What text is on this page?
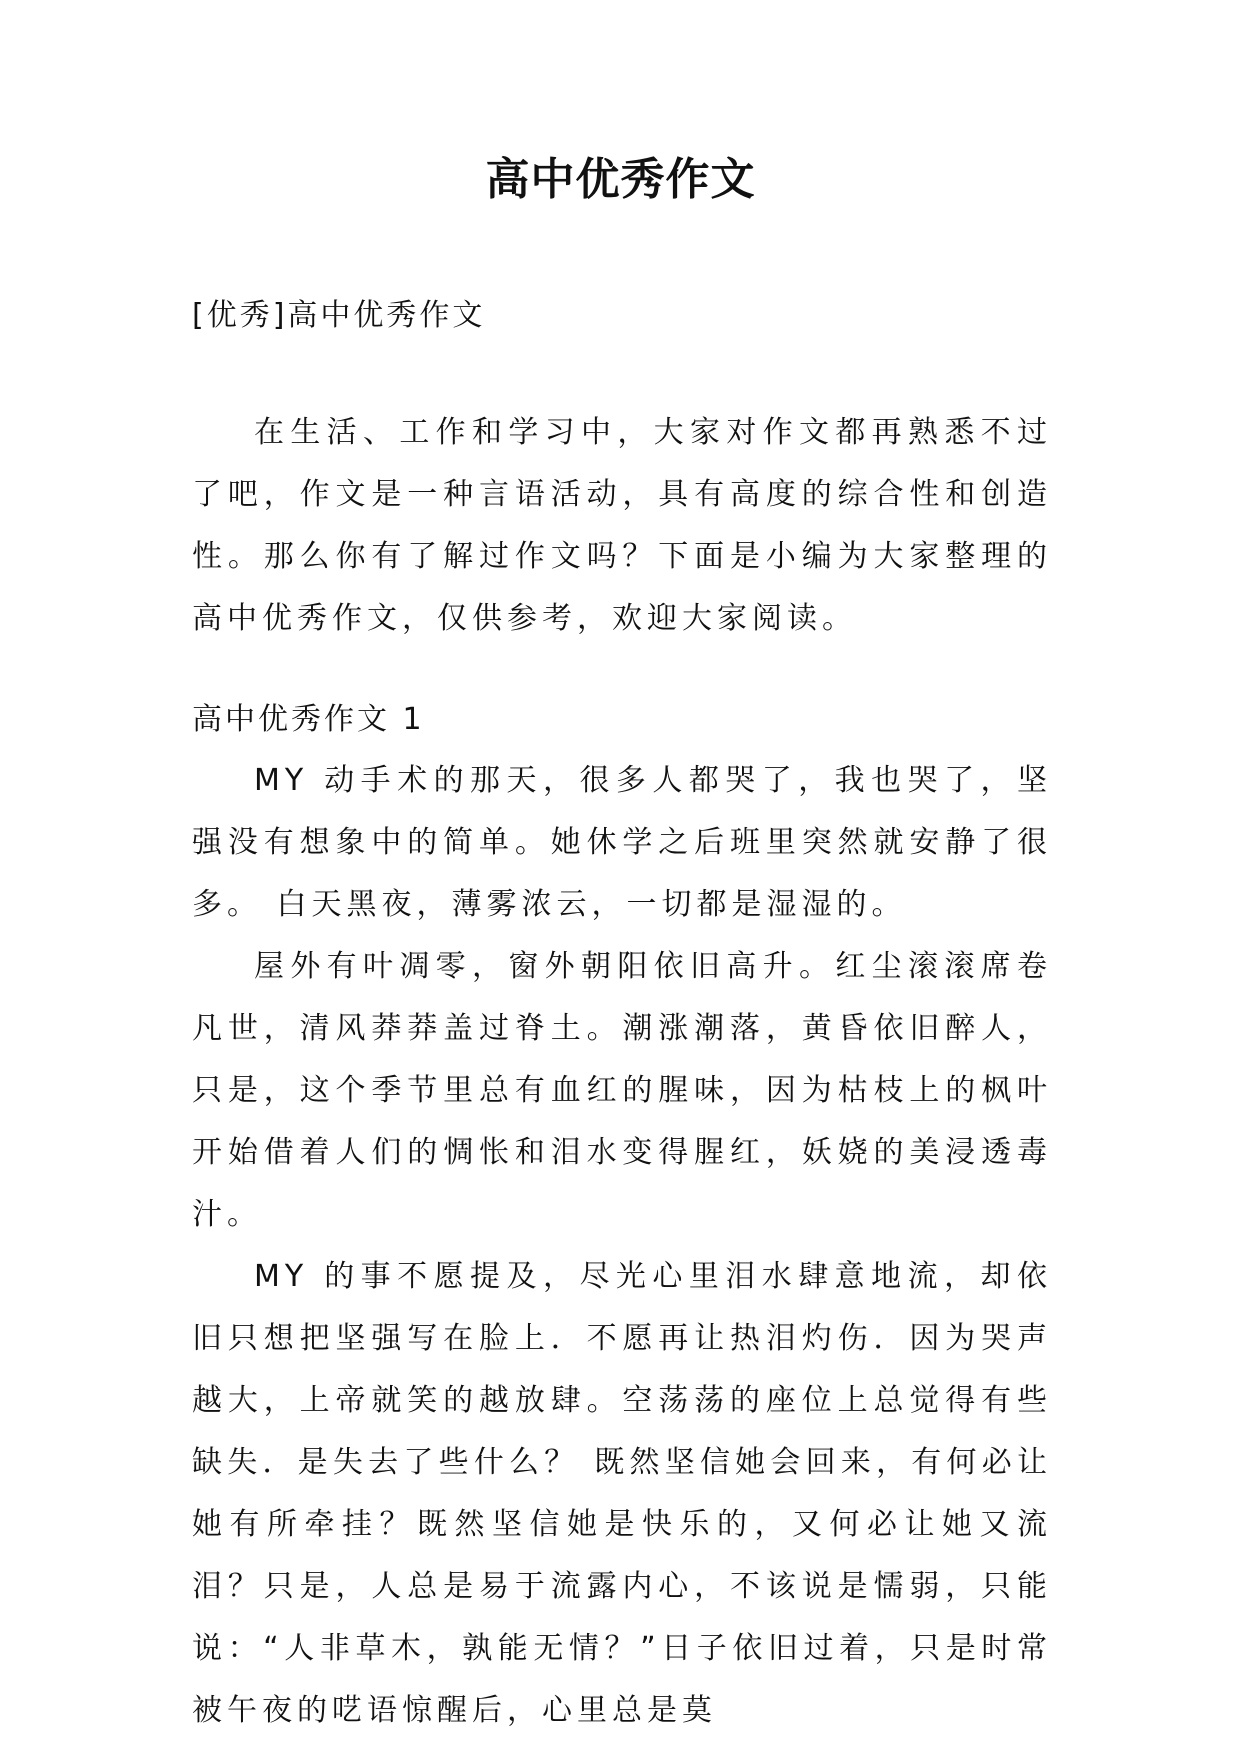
高中优秀作文
[优秀]高中优秀作文

在生活、工作和学习中，大家对作文都再熟悉不过了吧，作文是一种言语活动，具有高度的综合性和创造性。那么你有了解过作文吗？下面是小编为大家整理的高中优秀作文，仅供参考，欢迎大家阅读。

高中优秀作文 1

MY 动手术的那天，很多人都哭了，我也哭了，坚强没有想象中的简单。她休学之后班里突然就安静了很多。 白天黑夜，薄雾浓云，一切都是湿湿的。

屋外有叶凋零，窗外朝阳依旧高升。红尘滚滚席卷凡世，清风莽莽盖过脊土。潮涨潮落，黄昏依旧醉人，只是，这个季节里总有血红的腥味，因为枯枝上的枫叶开始借着人们的惆怅和泪水变得腥红，妖娆的美浸透毒汁。

MY 的事不愿提及，尽光心里泪水肆意地流，却依旧只想把坚强写在脸上．不愿再让热泪灼伤．因为哭声越大，上帝就笑的越放肆。空荡荡的座位上总觉得有些缺失．是失去了些什么？ 既然坚信她会回来，有何必让她有所牵挂？既然坚信她是快乐的，又何必让她又流泪？只是，人总是易于流露内心，不该说是懦弱，只能说：“人非草木，孰能无情？”日子依旧过着，只是时常被午夜的呓语惊醒后，心里总是莫
